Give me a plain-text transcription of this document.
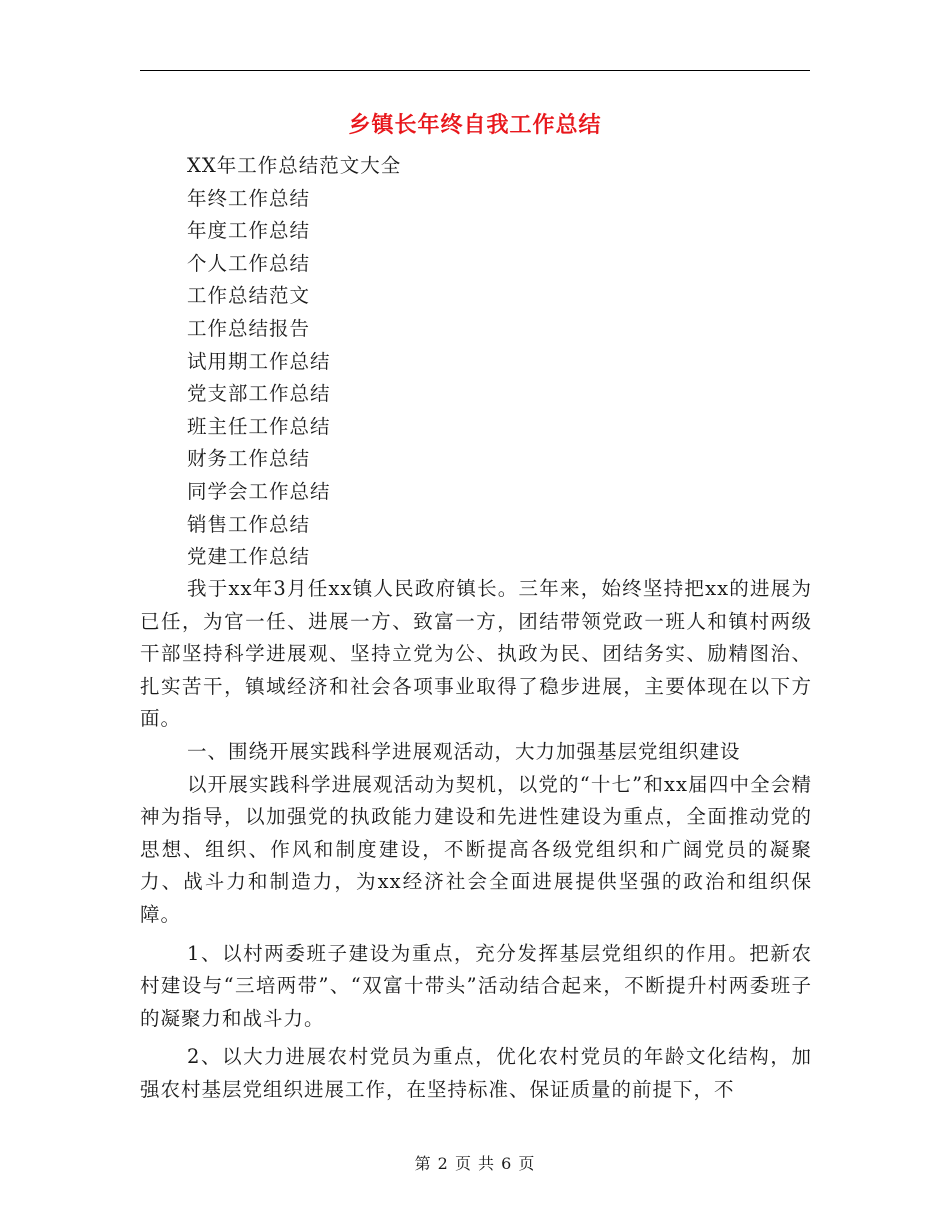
乡镇长年终自我工作总结
XX年工作总结范文大全
年终工作总结
年度工作总结
个人工作总结
工作总结范文
工作总结报告
试用期工作总结
党支部工作总结
班主任工作总结
财务工作总结
同学会工作总结
销售工作总结
党建工作总结

我于xx年3月任xx镇人民政府镇长。三年来，始终坚持把xx的进展为已任，为官一任、进展一方、致富一方，团结带领党政一班人和镇村两级干部坚持科学进展观、坚持立党为公、执政为民、团结务实、励精图治、扎实苦干，镇域经济和社会各项事业取得了稳步进展，主要体现在以下方面。

一、围绕开展实践科学进展观活动，大力加强基层党组织建设

以开展实践科学进展观活动为契机，以党的“十七”和xx届四中全会精神为指导，以加强党的执政能力建设和先进性建设为重点，全面推动党的思想、组织、作风和制度建设，不断提高各级党组织和广阔党员的凝聚力、战斗力和制造力，为xx经济社会全面进展提供坚强的政治和组织保障。

1、以村两委班子建设为重点，充分发挥基层党组织的作用。把新农村建设与“三培两带”、“双富十带头”活动结合起来，不断提升村两委班子的凝聚力和战斗力。

2、以大力进展农村党员为重点，优化农村党员的年龄文化结构，加强农村基层党组织进展工作，在坚持标准、保证质量的前提下，不

第 2 页 共 6 页
